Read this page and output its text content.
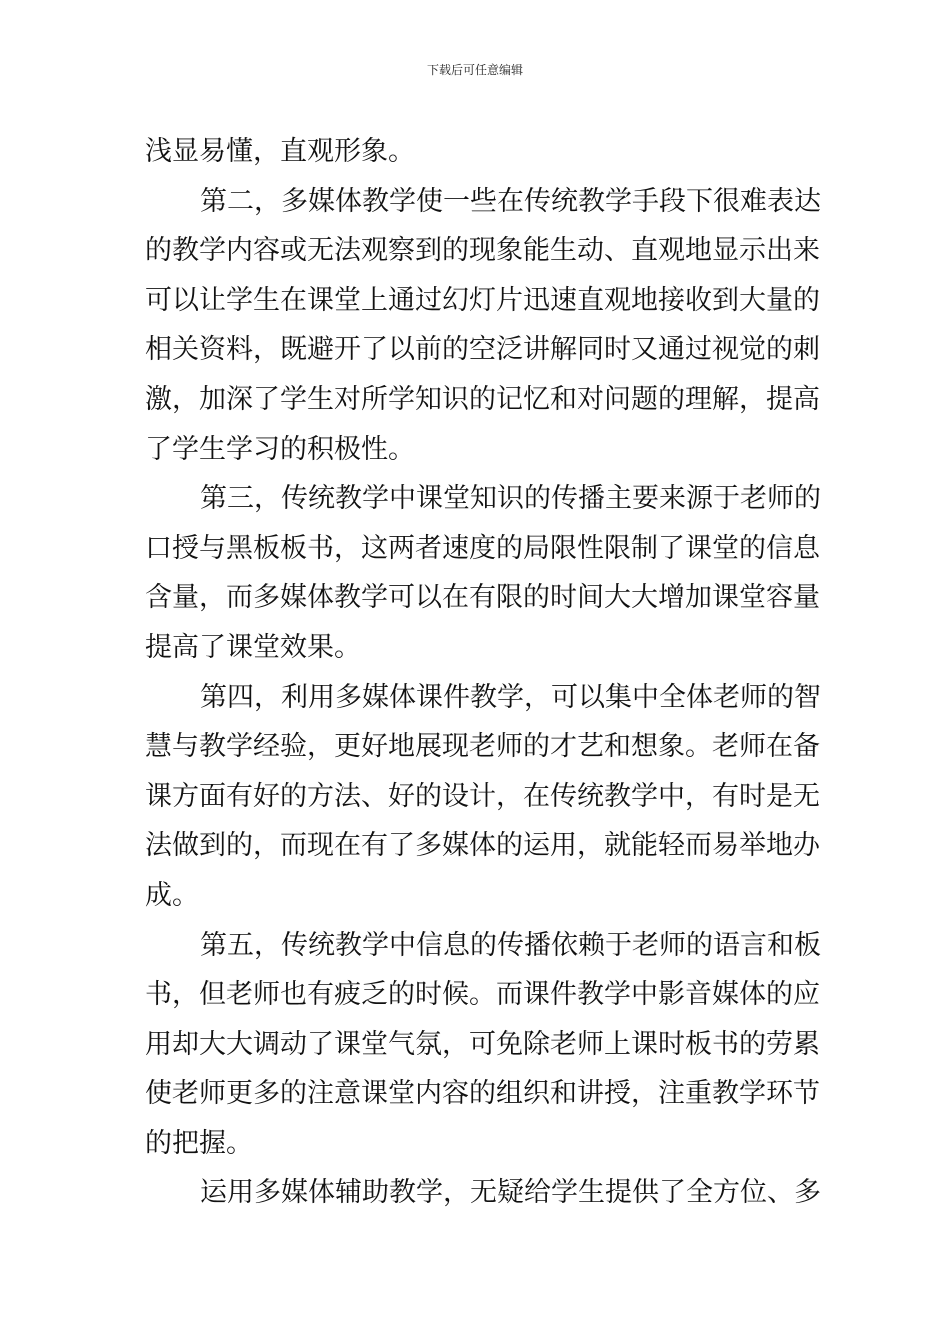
下载后可任意编辑
浅显易懂，直观形象。
第二，多媒体教学使一些在传统教学手段下很难表达
的教学内容或无法观察到的现象能生动、直观地显示出来
可以让学生在课堂上通过幻灯片迅速直观地接收到大量的
相关资料，既避开了以前的空泛讲解同时又通过视觉的刺
激，加深了学生对所学知识的记忆和对问题的理解，提高
了学生学习的积极性。
第三，传统教学中课堂知识的传播主要来源于老师的
口授与黑板板书，这两者速度的局限性限制了课堂的信息
含量，而多媒体教学可以在有限的时间大大增加课堂容量
提高了课堂效果。
第四，利用多媒体课件教学，可以集中全体老师的智
慧与教学经验，更好地展现老师的才艺和想象。老师在备
课方面有好的方法、好的设计，在传统教学中，有时是无
法做到的，而现在有了多媒体的运用，就能轻而易举地办
成。
第五，传统教学中信息的传播依赖于老师的语言和板
书，但老师也有疲乏的时候。而课件教学中影音媒体的应
用却大大调动了课堂气氛，可免除老师上课时板书的劳累
使老师更多的注意课堂内容的组织和讲授，注重教学环节
的把握。
运用多媒体辅助教学，无疑给学生提供了全方位、多
